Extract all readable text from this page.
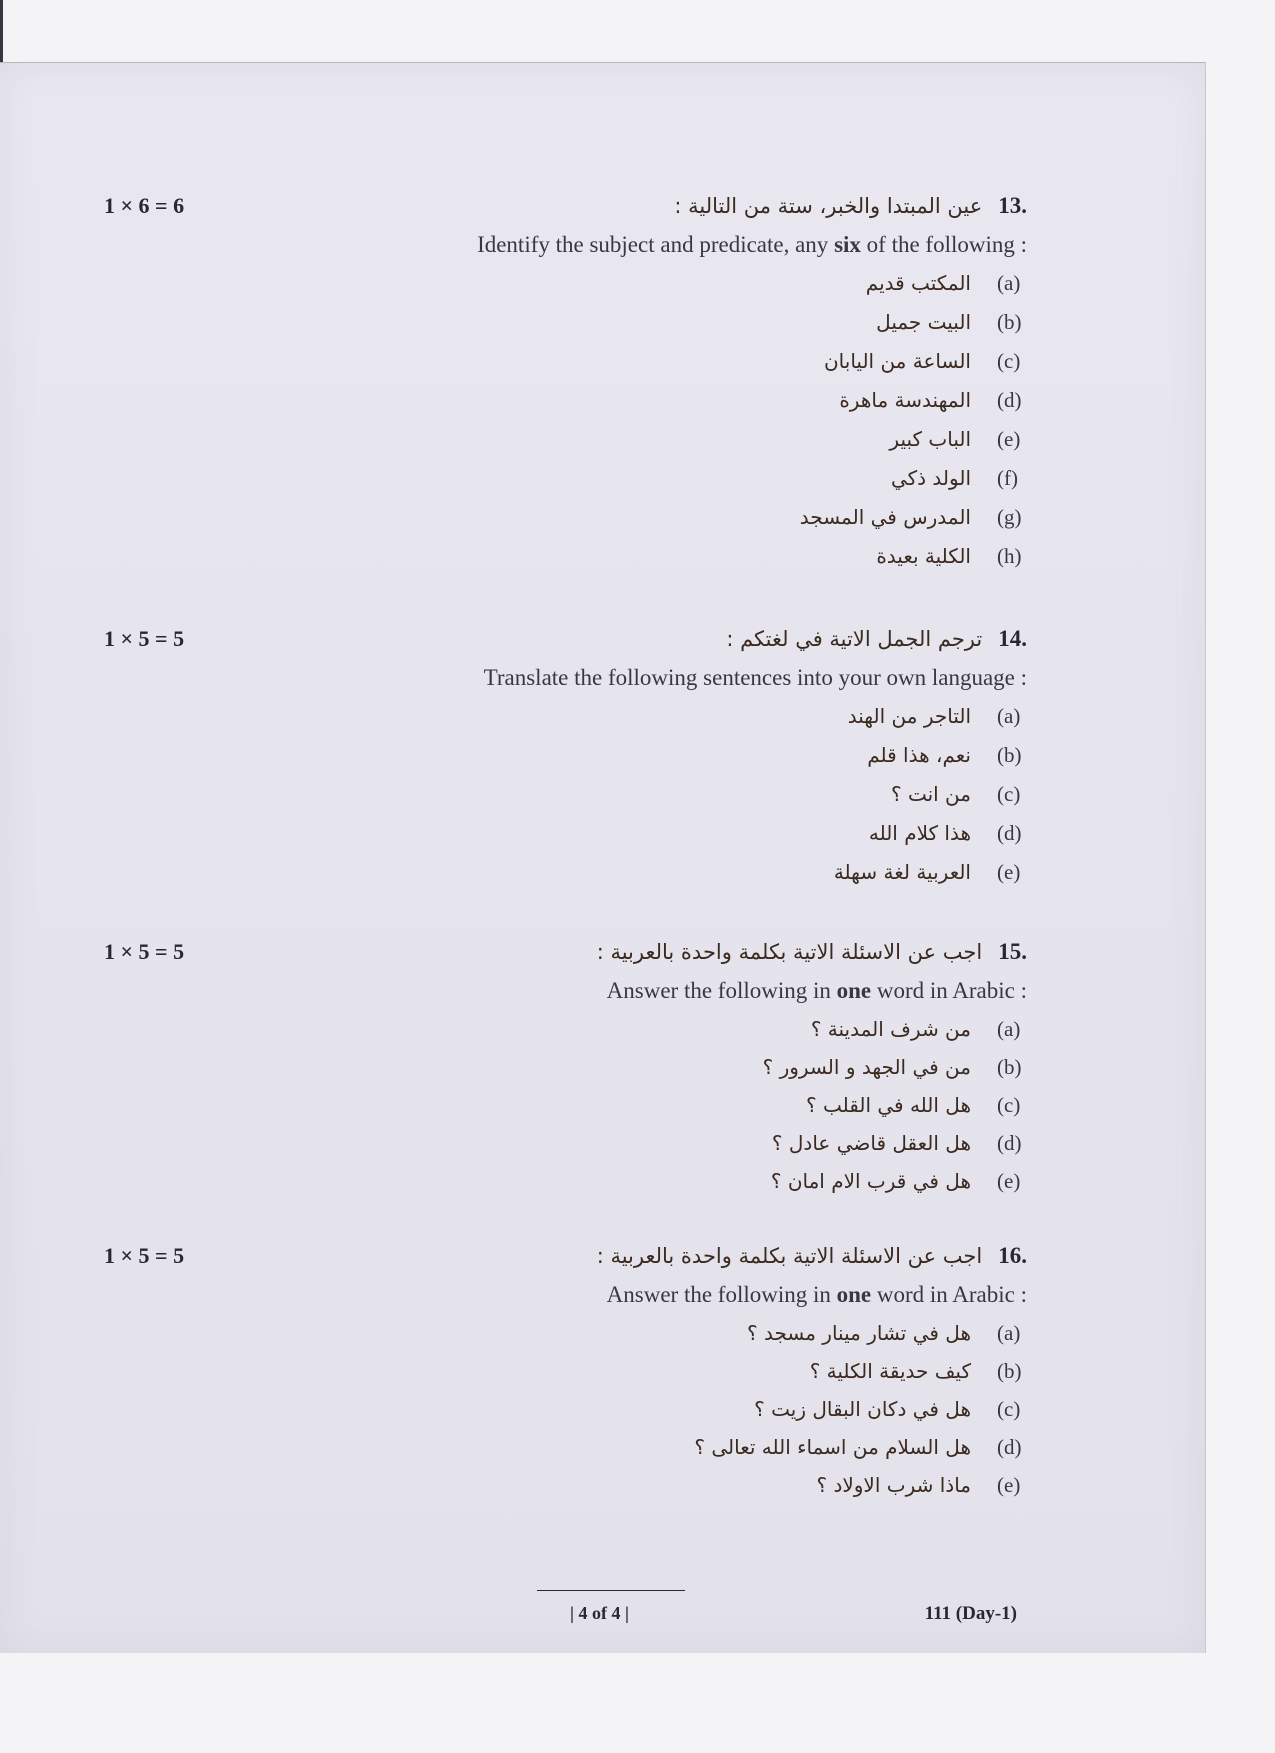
1 × 6 = 6	عين المبتدا والخبر، ستة من التالية : 13.
Identify the subject and predicate, any six of the following :
المكتب قديم (a)
البيت جميل (b)
الساعة من اليابان (c)
المهندسة ماهرة (d)
الباب كبير (e)
الولد ذكي (f)
المدرس في المسجد (g)
الكلية بعيدة (h)
1 × 5 = 5	ترجم الجمل الاتية في لغتكم : 14.
Translate the following sentences into your own language :
التاجر من الهند (a)
نعم، هذا قلم (b)
من انت ؟ (c)
هذا كلام الله (d)
العربية لغة سهلة (e)
1 × 5 = 5	اجب عن الاسئلة الاتية بكلمة واحدة بالعربية : 15.
Answer the following in one word in Arabic :
من شرف المدينة ؟ (a)
من في الجهد و السرور ؟ (b)
هل الله في القلب ؟ (c)
هل العقل قاضي عادل ؟ (d)
هل في قرب الام امان ؟ (e)
1 × 5 = 5	اجب عن الاسئلة الاتية بكلمة واحدة بالعربية : 16.
Answer the following in one word in Arabic :
هل في تشار مينار مسجد ؟ (a)
كيف حديقة الكلية ؟ (b)
هل في دكان البقال زيت ؟ (c)
هل السلام من اسماء الله تعالى ؟ (d)
ماذا شرب الاولاد ؟ (e)
| 4 of 4 |	111 (Day-1)
